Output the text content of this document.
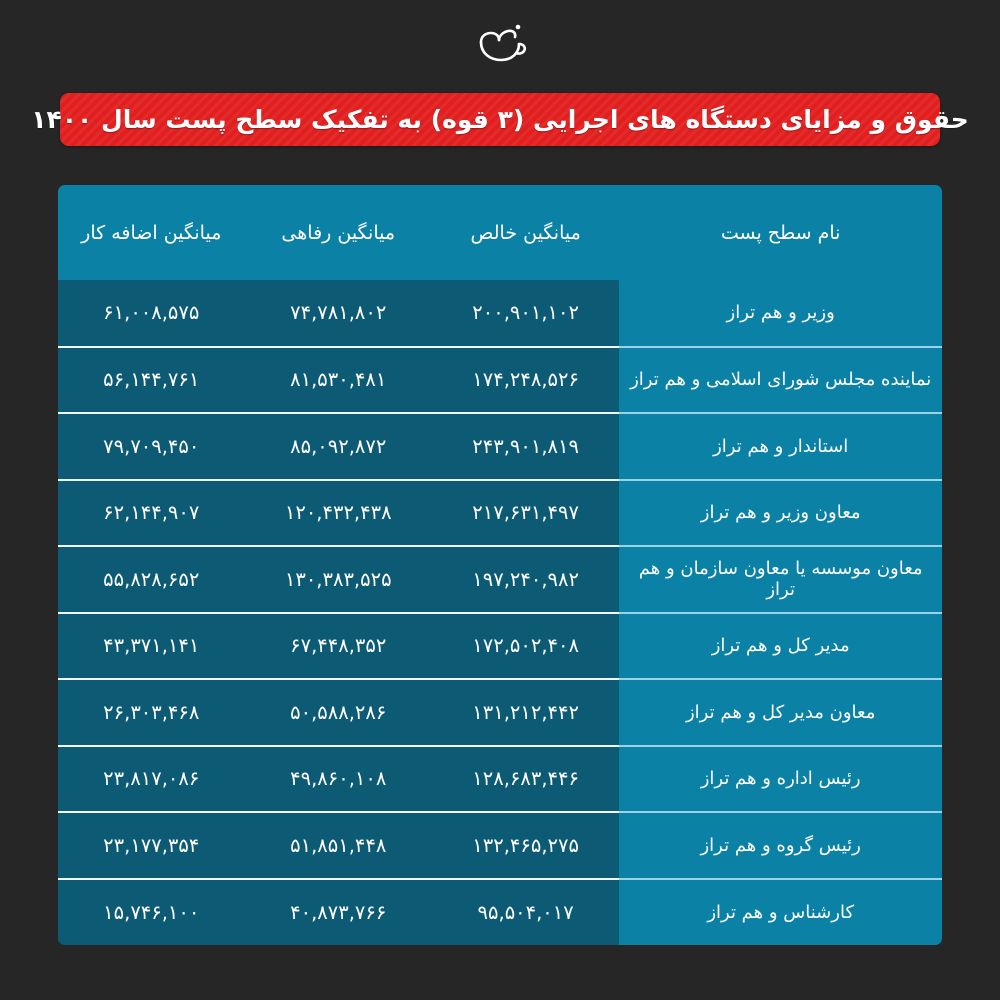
حقوق و مزایای دستگاه های اجرایی (۳ قوه) به تفکیک سطح پست سال ۱۴۰۰
نام سطح پست	میانگین خالص	میانگین رفاهی	میانگین اضافه کار
وزیر و هم تراز	۲۰۰,۹۰۱,۱۰۲	۷۴,۷۸۱,۸۰۲	۶۱,۰۰۸,۵۷۵
نماینده مجلس شورای اسلامی و هم تراز	۱۷۴,۲۴۸,۵۲۶	۸۱,۵۳۰,۴۸۱	۵۶,۱۴۴,۷۶۱
استاندار و هم تراز	۲۴۳,۹۰۱,۸۱۹	۸۵,۰۹۲,۸۷۲	۷۹,۷۰۹,۴۵۰
معاون وزیر و هم تراز	۲۱۷,۶۳۱,۴۹۷	۱۲۰,۴۳۲,۴۳۸	۶۲,۱۴۴,۹۰۷
معاون موسسه یا معاون سازمان و هم تراز	۱۹۷,۲۴۰,۹۸۲	۱۳۰,۳۸۳,۵۲۵	۵۵,۸۲۸,۶۵۲
مدیر کل و هم تراز	۱۷۲,۵۰۲,۴۰۸	۶۷,۴۴۸,۳۵۲	۴۳,۳۷۱,۱۴۱
معاون مدیر کل و هم تراز	۱۳۱,۲۱۲,۴۴۲	۵۰,۵۸۸,۲۸۶	۲۶,۳۰۳,۴۶۸
رئیس اداره و هم تراز	۱۲۸,۶۸۳,۴۴۶	۴۹,۸۶۰,۱۰۸	۲۳,۸۱۷,۰۸۶
رئیس گروه و هم تراز	۱۳۲,۴۶۵,۲۷۵	۵۱,۸۵۱,۴۴۸	۲۳,۱۷۷,۳۵۴
کارشناس و هم تراز	۹۵,۵۰۴,۰۱۷	۴۰,۸۷۳,۷۶۶	۱۵,۷۴۶,۱۰۰
